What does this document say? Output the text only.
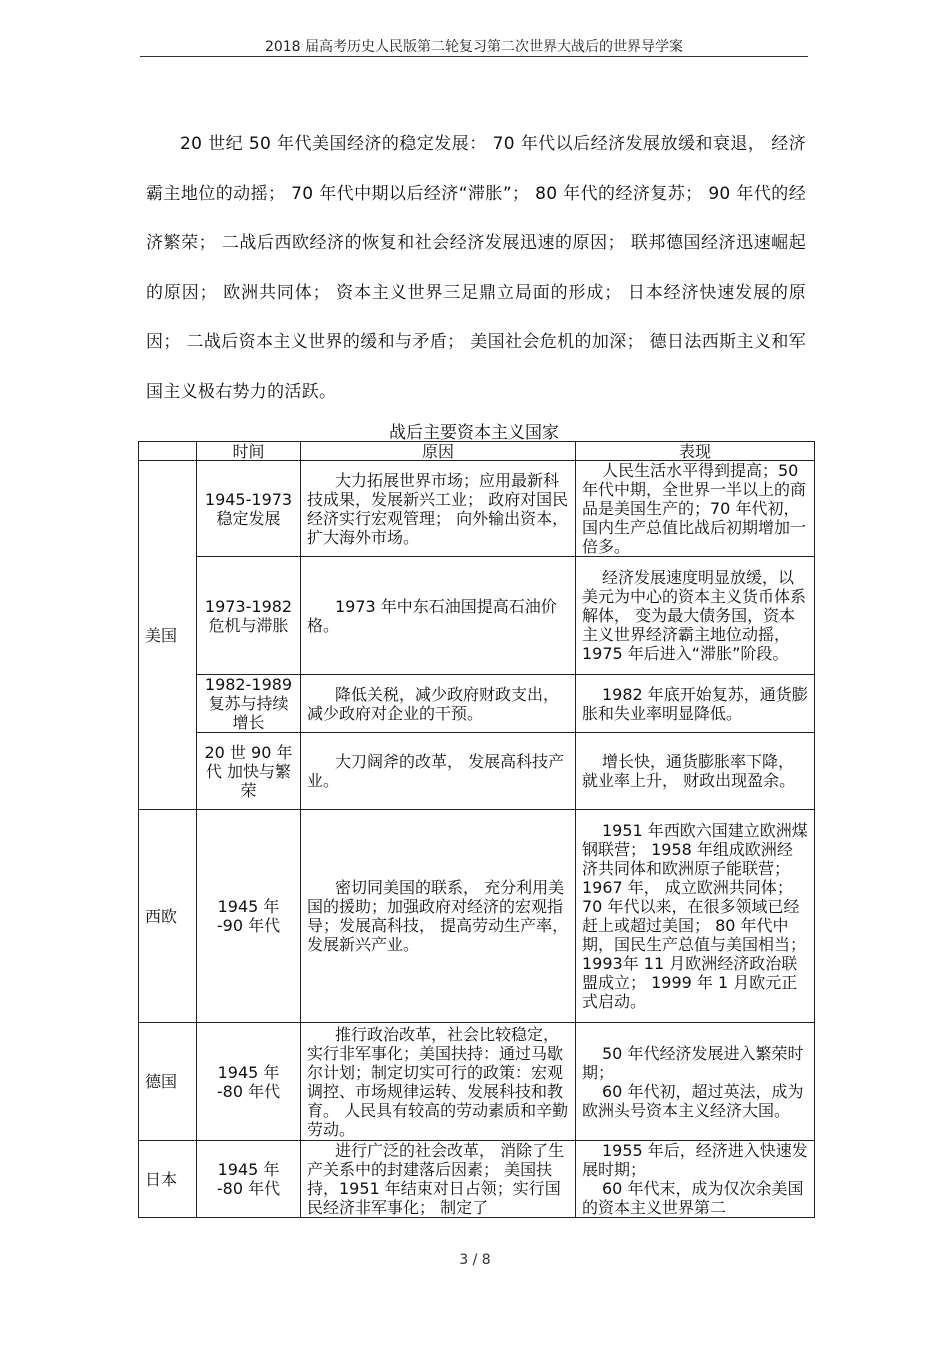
2018 届高考历史人民版第二轮复习第二次世界大战后的世界导学案
20 世纪 50 年代美国经济的稳定发展： 70 年代以后经济发展放缓和衰退， 经济霸主地位的动摇； 70 年代中期以后经济“滞胀”； 80 年代的经济复苏； 90 年代的经济繁荣； 二战后西欧经济的恢复和社会经济发展迅速的原因； 联邦德国经济迅速崛起的原因； 欧洲共同体； 资本主义世界三足鼎立局面的形成； 日本经济快速发展的原因； 二战后资本主义世界的缓和与矛盾； 美国社会危机的加深； 德日法西斯主义和军国主义极右势力的活跃。
战后主要资本主义国家
	时间	原因	表现
美国	1945-1973 稳定发展	大力拓展世界市场；应用最新科技成果，发展新兴工业； 政府对国民经济实行宏观管理； 向外输出资本，扩大海外市场。	人民生活水平得到提高；50 年代中期，全世界一半以上的商品是美国生产的；70 年代初，国内生产总值比战后初期增加一倍多。

	1973-1982 危机与滞胀	1973 年中东石油国提高石油价格。	经济发展速度明显放缓，以美元为中心的资本主义货币体系解体， 变为最大债务国，资本主义世界经济霸主地位动摇， 1975 年后进入“滞胀”阶段。

	1982-1989 复苏与持续增长	降低关税，减少政府财政支出，减少政府对企业的干预。	1982 年底开始复苏，通货膨胀和失业率明显降低。

	20 世 90 年代 加快与繁荣	大刀阔斧的改革， 发展高科技产业。	增长快，通货膨胀率下降，就业率上升， 财政出现盈余。

西欧	1945 年 -90 年代	密切同美国的联系， 充分利用美国的援助；加强政府对经济的宏观指导；发展高科技， 提高劳动生产率，发展新兴产业。	1951 年西欧六国建立欧洲煤钢联营； 1958 年组成欧洲经济共同体和欧洲原子能联营； 1967 年， 成立欧洲共同体； 70 年代以来，在很多领域已经赶上或超过美国； 80 年代中期，国民生产总值与美国相当；1993年 11 月欧洲经济政治联盟成立； 1999 年 1 月欧元正式启动。

德国	1945 年 -80 年代	推行政治改革，社会比较稳定，实行非军事化；美国扶持：通过马歇尔计划；制定切实可行的政策：宏观调控、市场规律运转、发展科技和教育。 人民具有较高的劳动素质和辛勤劳动。	50 年代经济发展进入繁荣时期；
60 年代初，超过英法，成为欧洲头号资本主义经济大国。

日本	1945 年 -80 年代	进行广泛的社会改革， 消除了生产关系中的封建落后因素； 美国扶持，1951 年结束对日占领；实行国民经济非军事化； 制定了	1955 年后，经济进入快速发展时期；
60 年代末，成为仅次余美国的资本主义世界第二
3 / 8
